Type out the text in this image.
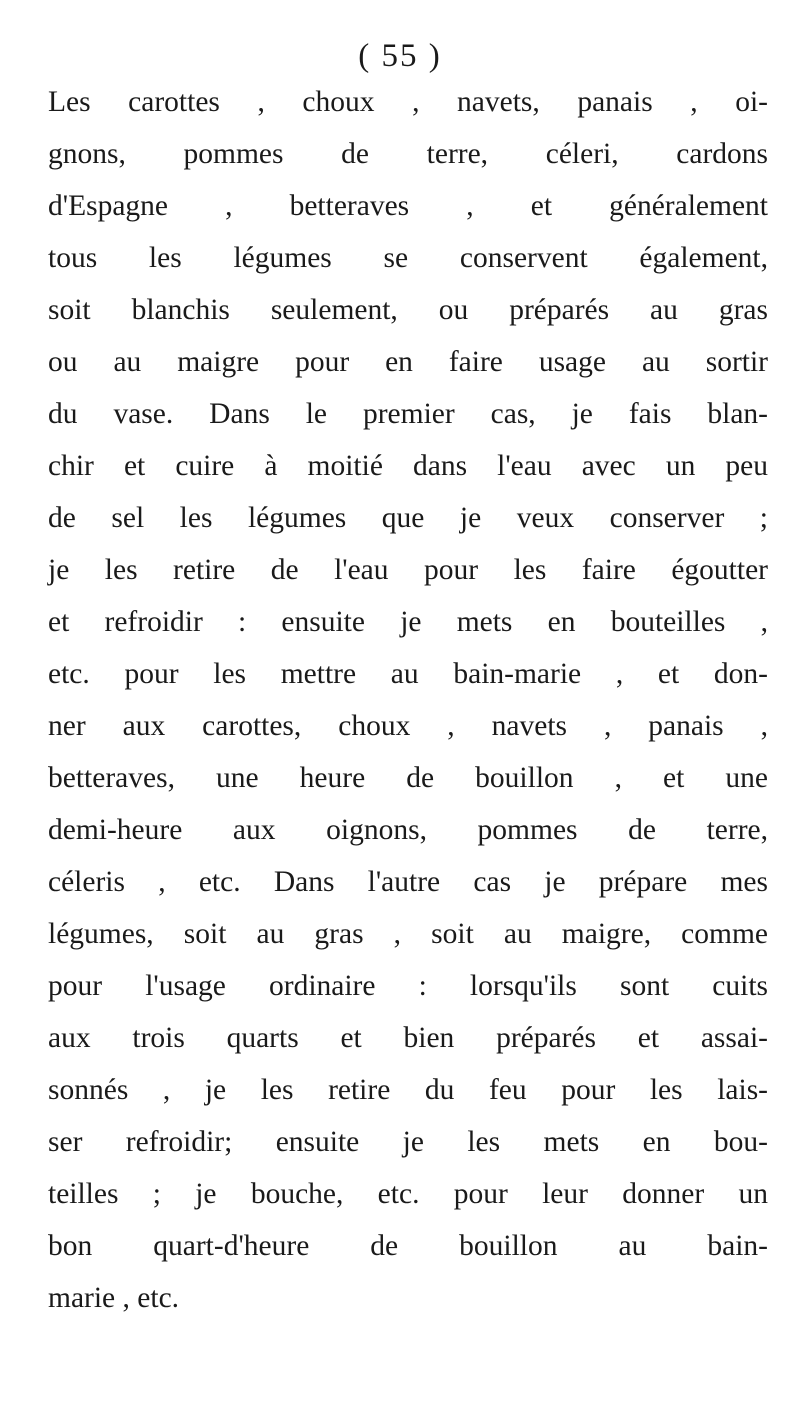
( 55 )
Les carottes , choux , navets, panais , oi-
gnons, pommes de terre, céleri, cardons
d'Espagne , betteraves , et généralement
tous les légumes se conservent également,
soit blanchis seulement, ou préparés au gras
ou au maigre pour en faire usage au sortir
du vase. Dans le premier cas, je fais blan-
chir et cuire à moitié dans l'eau avec un peu
de sel les légumes que je veux conserver ;
je les retire de l'eau pour les faire égoutter
et refroidir : ensuite je mets en bouteilles ,
etc. pour les mettre au bain-marie , et don-
ner aux carottes, choux , navets , panais ,
betteraves, une heure de bouillon , et une
demi-heure aux oignons, pommes de terre,
céleris , etc. Dans l'autre cas je prépare mes
légumes, soit au gras , soit au maigre, comme
pour l'usage ordinaire : lorsqu'ils sont cuits
aux trois quarts et bien préparés et assai-
sonnés , je les retire du feu pour les lais-
ser refroidir; ensuite je les mets en bou-
teilles ; je bouche, etc. pour leur donner un
bon quart-d'heure de bouillon au bain-
marie , etc.
